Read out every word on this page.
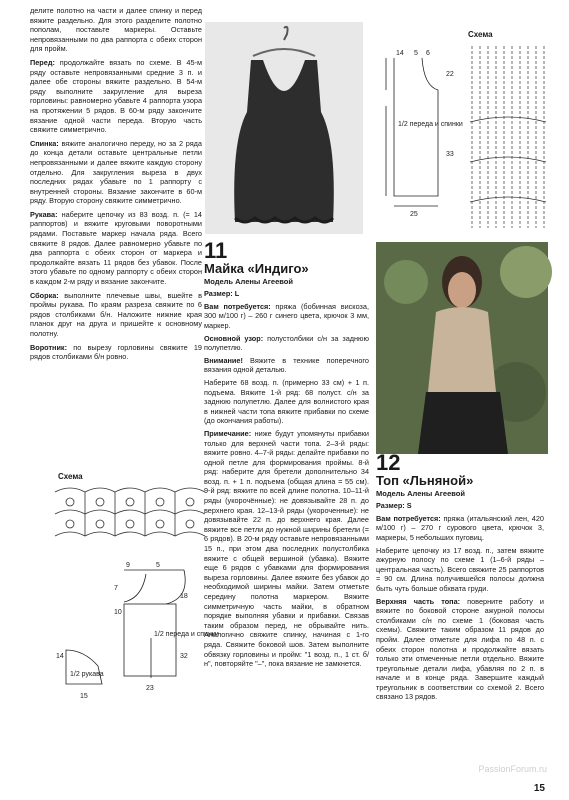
делите полотно на части и далее спинку и перед вяжите раздельно. Для этого разделите полотно пополам, поставьте маркеры. Оставьте непровязанными по два раппорта с обеих сторон для пройм.

Перед: продолжайте вязать по схеме. В 45-м ряду оставьте непровязанными средние 3 п. и далее обе стороны вяжите раздельно. В 54-м ряду выполните закругление для выреза горловины: равномерно убавьте 4 раппорта узора на протяжении 5 рядов. В 60-м ряду закончите вязание одной части переда. Вторую часть свяжите симметрично.

Спинка: вяжите аналогично переду, но за 2 ряда до конца детали оставьте центральные петли непровязанными и далее вяжите каждую сторону отдельно. Для закругления выреза в двух последних рядах убавьте по 1 раппорту с внутренней стороны. Вязание закончите в 60-м ряду. Вторую сторону свяжите симметрично.

Рукава: наберите цепочку из 83 возд. п. (= 14 раппортов) и вяжите круговыми поворотными рядами. Поставьте маркер начала ряда. Всего свяжите 8 рядов. Далее равномерно убавьте по два раппорта с обеих сторон от маркера и продолжайте вязать 11 рядов без убавок. После этого убавьте по одному раппорту с обеих сторон в каждом 2-м ряду и вязание закончите.

Сборка: выполните плечевые швы, вшейте в проймы рукава. По краям разреза свяжите по 6 рядов столбиками б/н. Наложите нижние края планок друг на друга и пришейте к основному полотну.

Воротник: по вырезу горловины свяжите 19 рядов столбиками б/н ровно.

Схема
9	5
7
10
18
32
23
15
14
1/2 переда и спинки
1/2 рукава
Схема
14 5 6
22
33
25
1/2 переда и спинки
11

Майка «Индиго»

Модель Алены Агеевой

Размер: L

Вам потребуется: пряжа (бобинная вискоза, 300 м/100 г) – 260 г синего цвета, крючок 3 мм, маркер.

Основной узор: полустолбики с/н за заднюю полупетлю.

Внимание! Вяжите в технике поперечного вязания одной деталью.

Наберите 68 возд. п. (примерно 33 см) + 1 п. подъема. Вяжите 1-й ряд: 68 полуст. с/н за заднюю полупетлю. Далее для волнистого края в нижней части топа вяжите прибавки по схеме (до окончания работы).

Примечание: ниже будут упомянуты прибавки только для верхней части топа. 2–3-й ряды: вяжите ровно. 4–7-й ряды: делайте прибавки по одной петле для формирования проймы. 8-й ряд: наберите для бретели дополнительно 34 возд. п. + 1 п. подъема (общая длина = 55 см). 9-й ряд: вяжите по всей длине полотна. 10–11-й ряды (укорочённые): не довязывайте 28 п. до верхнего края. 12–13-й ряды (укороченные): не довязывайте 22 п. до верхнего края. Далее вяжите все петли до нужной ширины бретели (= 6 рядов). В 20-м ряду оставьте непровязанными 15 п., при этом два последних полустолбика вяжите с общей вершиной (убавка). Вяжите еще 6 рядов с убавками для формирования выреза горловины. Далее вяжите без убавок до необходимой ширины майки. Затем отметьте середину полотна маркером. Вяжите симметричную часть майки, в обратном порядке выполняя убавки и прибавки. Связав таким образом перед, не обрывайте нить. Аналогично свяжите спинку, начиная с 1-го ряда. Свяжите боковой шов. Затем выполните обвязку горловины и пройм: "1 возд. п., 1 ст. б/н", повторяйте "–", пока вязание не замкнется.

12

Топ «Льняной»

Модель Алены Агеевой

Размер: S

Вам потребуется: пряжа (итальянский лен, 420 м/100 г) – 270 г сурового цвета, крючок 3, маркеры, 5 небольших пуговиц.

Наберите цепочку из 17 возд. п., затем вяжите ажурную полосу по схеме 1 (1–6-й ряды – центральная часть). Всего свяжите 25 раппортов = 90 см. Длина получившейся полосы должна быть чуть больше обхвата груди.

Верхняя часть топа: поверните работу и вяжите по боковой стороне ажурной полосы столбиками с/н по схеме 1 (боковая часть схемы). Свяжите таким образом 11 рядов до пройм. Далее отметьте для лифа по 48 п. с обеих сторон полотна и продолжайте вязать только эти отмеченные петли отдельно. Вяжите треугольные детали лифа, убавляя по 2 п. в начале и в конце ряда. Завершите каждый треугольник в соответствии со схемой 2. Всего связано 13 рядов.

PassionForum.ru
15
